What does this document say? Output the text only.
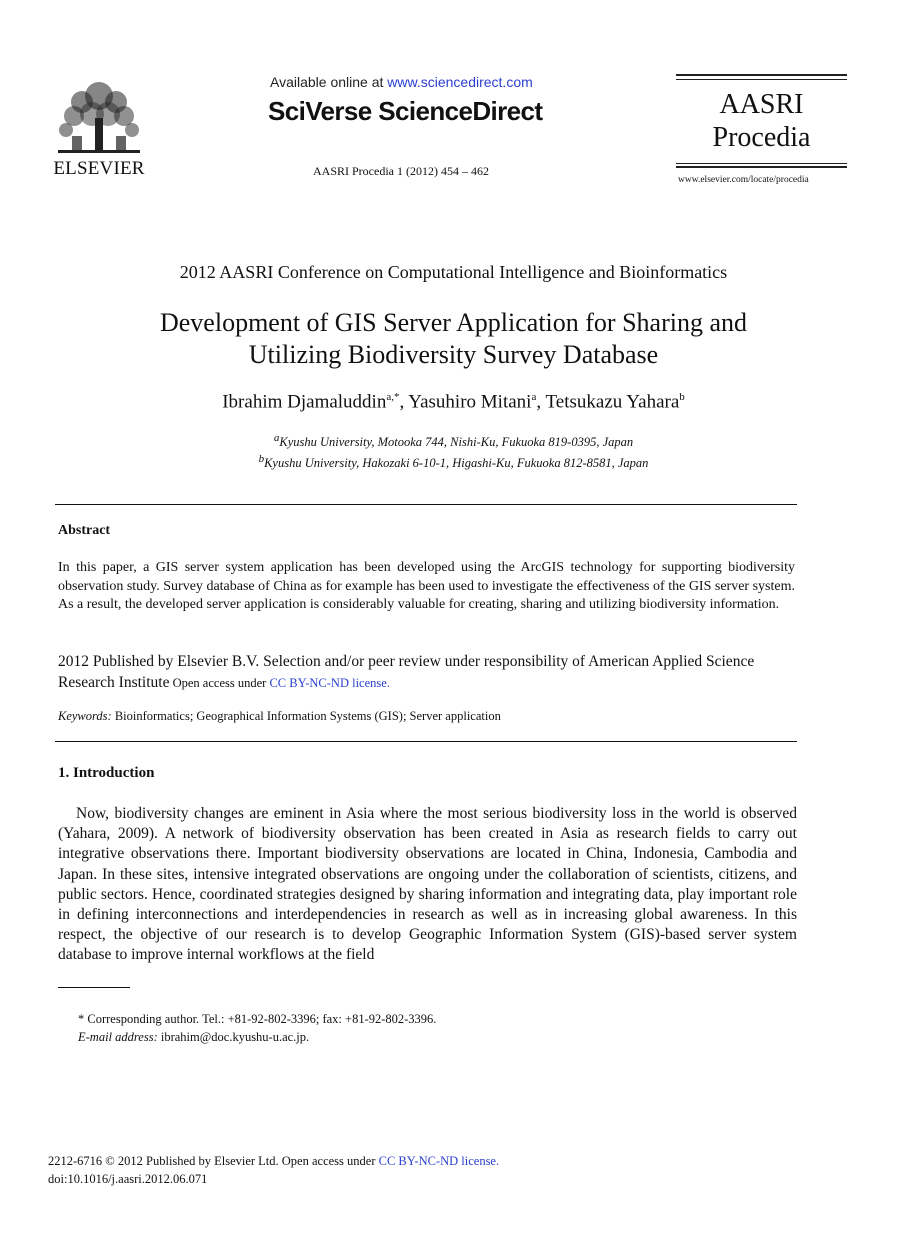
ELSEVIER
Available online at www.sciencedirect.com
SciVerse ScienceDirect
AASRI Procedia 1 (2012) 454 – 462
AASRI
Procedia
www.elsevier.com/locate/procedia
2012 AASRI Conference on Computational Intelligence and Bioinformatics
Development of GIS Server Application for Sharing and
Utilizing Biodiversity Survey Database
Ibrahim Djamaluddin$^{a,*}$, Yasuhiro Mitani$^a$, Tetsukazu Yahara$^b$
$^a$Kyushu University, Motooka 744, Nishi-Ku, Fukuoka 819-0395, Japan
$^b$Kyushu University, Hakozaki 6-10-1, Higashi-Ku, Fukuoka 812-8581, Japan
Abstract
In this paper, a GIS server system application has been developed using the ArcGIS technology for supporting biodiversity observation study. Survey database of China as for example has been used to investigate the effectiveness of the GIS server system. As a result, the developed server application is considerably valuable for creating, sharing and utilizing biodiversity information.
2012 Published by Elsevier B.V. Selection and/or peer review under responsibility of American Applied Science Research Institute Open access under CC BY-NC-ND license.
Keywords: Bioinformatics; Geographical Information Systems (GIS); Server application
1. Introduction
Now, biodiversity changes are eminent in Asia where the most serious biodiversity loss in the world is observed (Yahara, 2009). A network of biodiversity observation has been created in Asia as research fields to carry out integrative observations there. Important biodiversity observations are located in China, Indonesia, Cambodia and Japan. In these sites, intensive integrated observations are ongoing under the collaboration of scientists, citizens, and public sectors. Hence, coordinated strategies designed by sharing information and integrating data, play important role in defining interconnections and interdependencies in research as well as in increasing global awareness. In this respect, the objective of our research is to develop Geographic Information System (GIS)-based server system database to improve internal workflows at the field
* Corresponding author. Tel.: +81-92-802-3396; fax: +81-92-802-3396.
E-mail address: ibrahim@doc.kyushu-u.ac.jp.
2212-6716 © 2012 Published by Elsevier Ltd. Open access under CC BY-NC-ND license.
doi:10.1016/j.aasri.2012.06.071
